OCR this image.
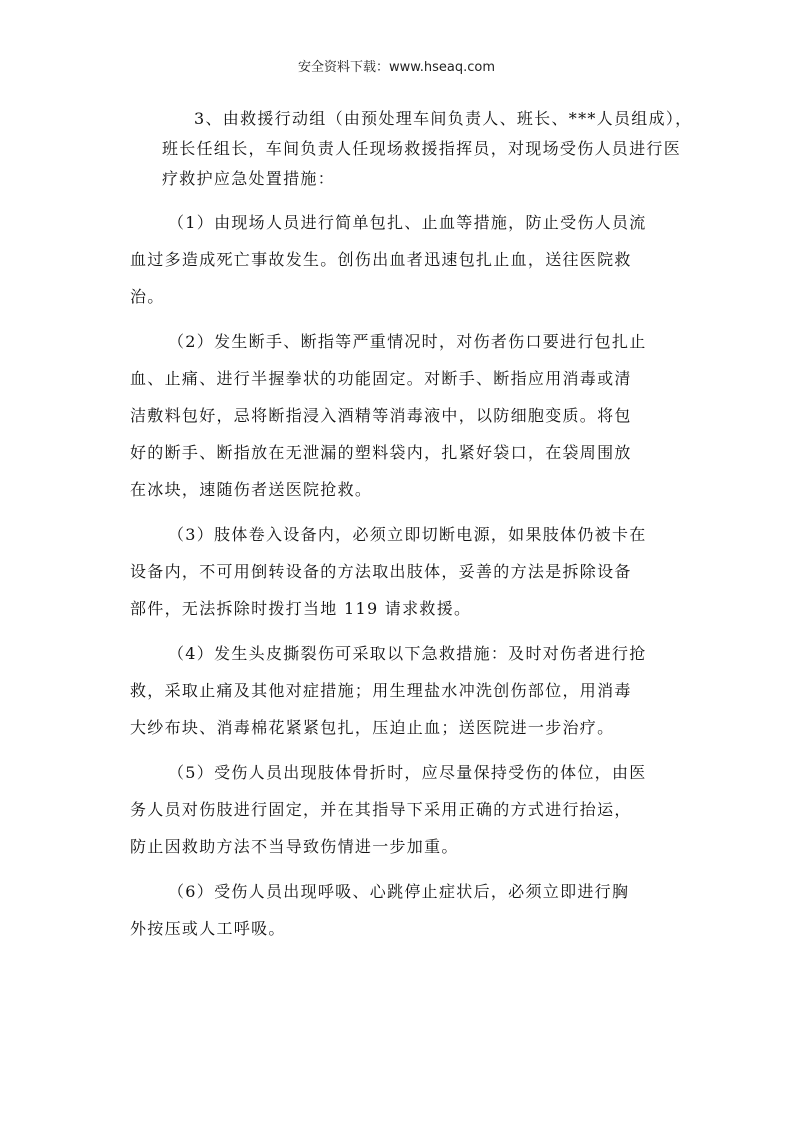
安全资料下载：www.hseaq.com

3、由救援行动组（由预处理车间负责人、班长、***人员组成），
班长任组长，车间负责人任现场救援指挥员，对现场受伤人员进行医
疗救护应急处置措施：

（1）由现场人员进行简单包扎、止血等措施，防止受伤人员流
血过多造成死亡事故发生。创伤出血者迅速包扎止血，送往医院救
治。

（2）发生断手、断指等严重情况时，对伤者伤口要进行包扎止
血、止痛、进行半握拳状的功能固定。对断手、断指应用消毒或清
洁敷料包好，忌将断指浸入酒精等消毒液中，以防细胞变质。将包
好的断手、断指放在无泄漏的塑料袋内，扎紧好袋口，在袋周围放
在冰块，速随伤者送医院抢救。

（3）肢体卷入设备内，必须立即切断电源，如果肢体仍被卡在
设备内，不可用倒转设备的方法取出肢体，妥善的方法是拆除设备
部件，无法拆除时拨打当地 119 请求救援。

（4）发生头皮撕裂伤可采取以下急救措施：及时对伤者进行抢
救，采取止痛及其他对症措施；用生理盐水冲洗创伤部位，用消毒
大纱布块、消毒棉花紧紧包扎，压迫止血；送医院进一步治疗。

（5）受伤人员出现肢体骨折时，应尽量保持受伤的体位，由医
务人员对伤肢进行固定，并在其指导下采用正确的方式进行抬运，
防止因救助方法不当导致伤情进一步加重。

（6）受伤人员出现呼吸、心跳停止症状后，必须立即进行胸
外按压或人工呼吸。
